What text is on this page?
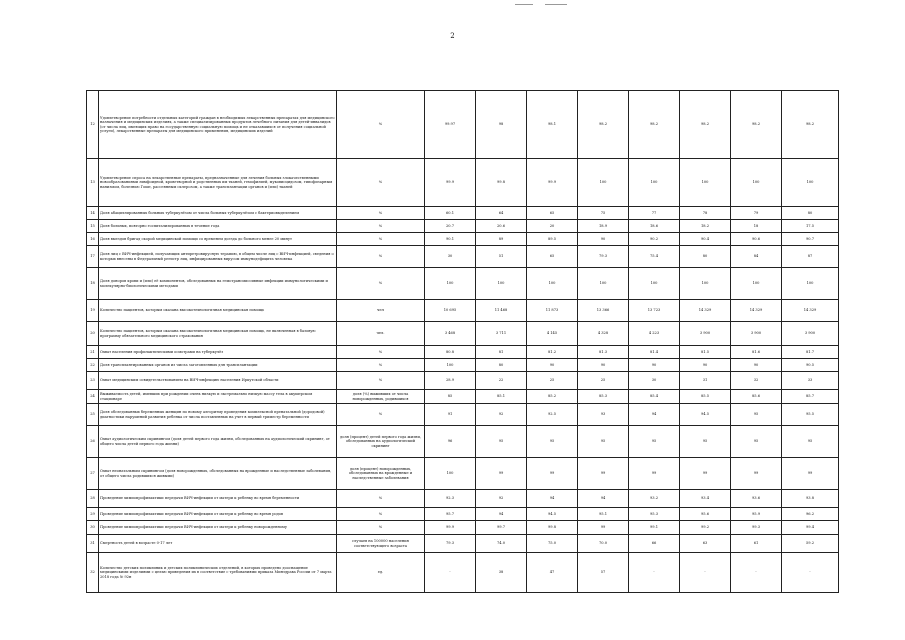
2
12	Удовлетворение потребности отдельных категорий граждан в необходимых лекарственных препаратах для медицинского назначения и медицинских изделиях, а также специализированных продуктов лечебного питания для детей-инвалидов (от числа лиц, имеющих право на государственную социальную помощь и не отказавшихся от получения социальной услуги), лекарственные препараты для медицинского применения, медицинских изделий	%	99.97	98	98.1	98.2	98.2	98.2	98.2	98.2
13	Удовлетворение спроса на лекарственные препараты, предназначенные для лечения больных злокачественными новообразованиями лимфоидной, кроветворной и родственных им тканей, гемофилией, муковисцидозом, гипофизарным нанизмом, болезнью Гоше, рассеянным склерозом, а также трансплантации органов и (или) тканей	%	99.9	99.8	99.9	100	100	100	100	100
14	Доля абациллированных больных туберкулёзом от числа больных туберкулёзом с бактериовыделением	%	60.1	64	65	75	77	78	79	80
15	Доля больных, повторно госпитализированных в течение года	%	20.7	20.6	20	18.9	18.6	18.2	18	17.5
16	Доля выездов бригад скорой медицинской помощи со временем доезда до больного менее 20 минут	%	90.1	89	89.5	90	90.2	90.4	90.6	90.7
17	Доля лиц с ВИЧ-инфекцией, получающих антиретровирусную терапию, в общем числе лиц с ВИЧ-инфекцией, сведения о которых внесены в Федеральный регистр лиц, инфицированных вирусом иммунодефицита человека	%	30	51	65	79.3	75.4	80	84	87
18	Доля доноров крови и (или) её компонентов, обследованных на гемотрансмиссивные инфекции иммунологическими и молекулярно-биологическими методами	%	100	100	100	100	100	100	100	100
19	Количество пациентов, которым оказана высокотехнологичная медицинская помощь	чел	10 695	11 468	11 873	13 366	13 723	14 329	14 329	14 329
20	Количество пациентов, которым оказана высокотехнологичная медицинская помощь, не включенная в базовую программу обязательного медицинского страхования	чел.	3 468	3 711	4 145	4 328	4 223	3 900	3 900	3 900
21	Охват населения профилактическими осмотрами на туберкулёз	%	80.8	81	81.2	81.3	81.4	81.5	81.6	81.7
22	Доля трансплантированных органов из числа заготовленных для трансплантации	%	100	80	90	90	90	90	90	90.5
23	Охват медицинским освидетельствованием на ВИЧ-инфекцию населения Иркутской области	%	28.9	22	25	25	30	31	32	33
24	Выживаемость детей, имевших при рождении очень низкую и экстремально низкую массу тела в акушерском стационаре	доля (%) выживших от числа новорожденных, родившихся	85	85.1	85.2	85.3	85.4	85.5	85.6	85.7
25	Доля обследованных беременных женщин по новому алгоритму проведения комплексной пренатальной (дородовой) диагностики нарушений развития ребенка от числа поставленных на учет в первый триместр беременности	%	91	92	92.5	93	94	94.5	95	95.5
26	Охват аудиологическим скринингом (доля детей первого года жизни, обследованных на аудиологический скрининг, от общего числа детей первого года жизни)	доля (процент) детей первого года жизни, обследованных на аудиологический скрининг	96	95	95	95	95	95	95	95
27	Охват неонатальным скринингом (доля новорожденных, обследованных на врожденные и наследственные заболевания, от общего числа родившихся живыми)	доля (процент) новорожденных, обследованных на врожденные и наследственные заболевания	100	99	99	99	99	99	99	99
28	Проведение химиопрофилактики передачи ВИЧ-инфекции от матери к ребенку во время беременности	%	92.3	92	94	94	93.2	93.4	93.6	93.8
29	Проведение химиопрофилактики передачи ВИЧ-инфекции от матери к ребенку во время родов	%	95.7	94	94.5	95.1	95.3	95.6	95.9	96.2
30	Проведение химиопрофилактики передачи ВИЧ-инфекции от матери к ребенку новорожденному	%	99.9	99.7	99.8	99	99.1	99.2	99.3	99.4
31	Смертность детей в возрасте 0-17 лет	случаев на 100000 населения соответствующего возраста	79.3	74.0	75.0	70.0	66	63	61	59.2
32	Количество детских поликлиник и детских поликлинических отделений, в которых проведено дооснащение медицинскими изделиями с целью приведения их в соответствие с требованиями приказа Минздрава России от 7 марта 2018 года № 92н	ед.	-	38	47	57	-	-	-	-
